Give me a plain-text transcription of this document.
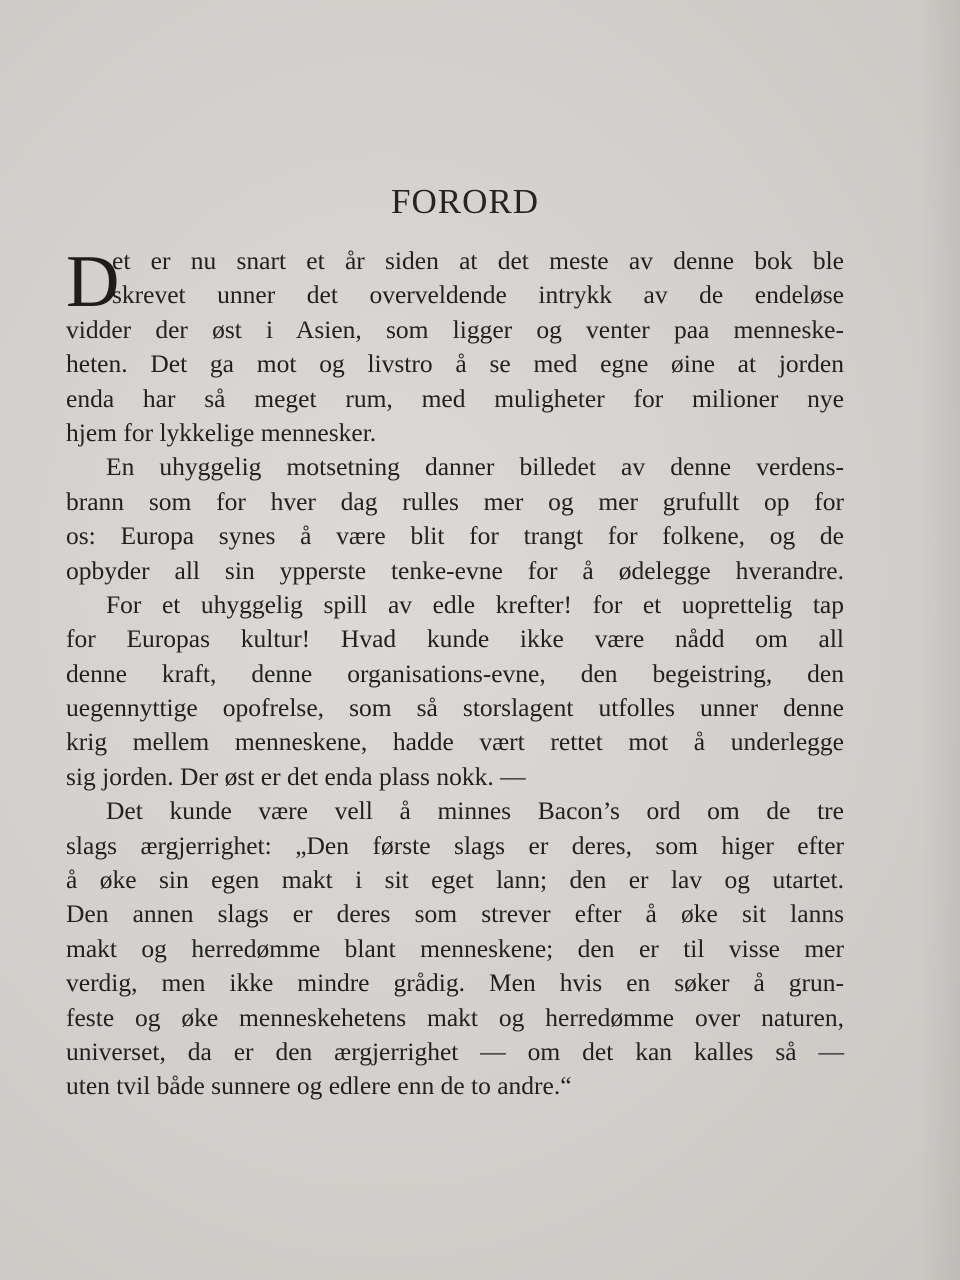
FORORD
D
et er nu snart et år siden at det meste av denne bok ble
skrevet unner det overveldende intrykk av de endeløse
vidder der øst i Asien, som ligger og venter paa menneske-
heten. Det ga mot og livstro å se med egne øine at jorden
enda har så meget rum, med muligheter for milioner nye
hjem for lykkelige mennesker.
En uhyggelig motsetning danner billedet av denne verdens-
brann som for hver dag rulles mer og mer grufullt op for
os: Europa synes å være blit for trangt for folkene, og de
opbyder all sin ypperste tenke-evne for å ødelegge hverandre.
For et uhyggelig spill av edle krefter! for et uoprettelig tap
for Europas kultur! Hvad kunde ikke være nådd om all
denne kraft, denne organisations-evne, den begeistring, den
uegennyttige opofrelse, som så storslagent utfolles unner denne
krig mellem menneskene, hadde vært rettet mot å underlegge
sig jorden. Der øst er det enda plass nokk. —
Det kunde være vell å minnes Bacon’s ord om de tre
slags ærgjerrighet: „Den første slags er deres, som higer efter
å øke sin egen makt i sit eget lann; den er lav og utartet.
Den annen slags er deres som strever efter å øke sit lanns
makt og herredømme blant menneskene; den er til visse mer
verdig, men ikke mindre grådig. Men hvis en søker å grun-
feste og øke menneskehetens makt og herredømme over naturen,
universet, da er den ærgjerrighet — om det kan kalles så —
uten tvil både sunnere og edlere enn de to andre.“
